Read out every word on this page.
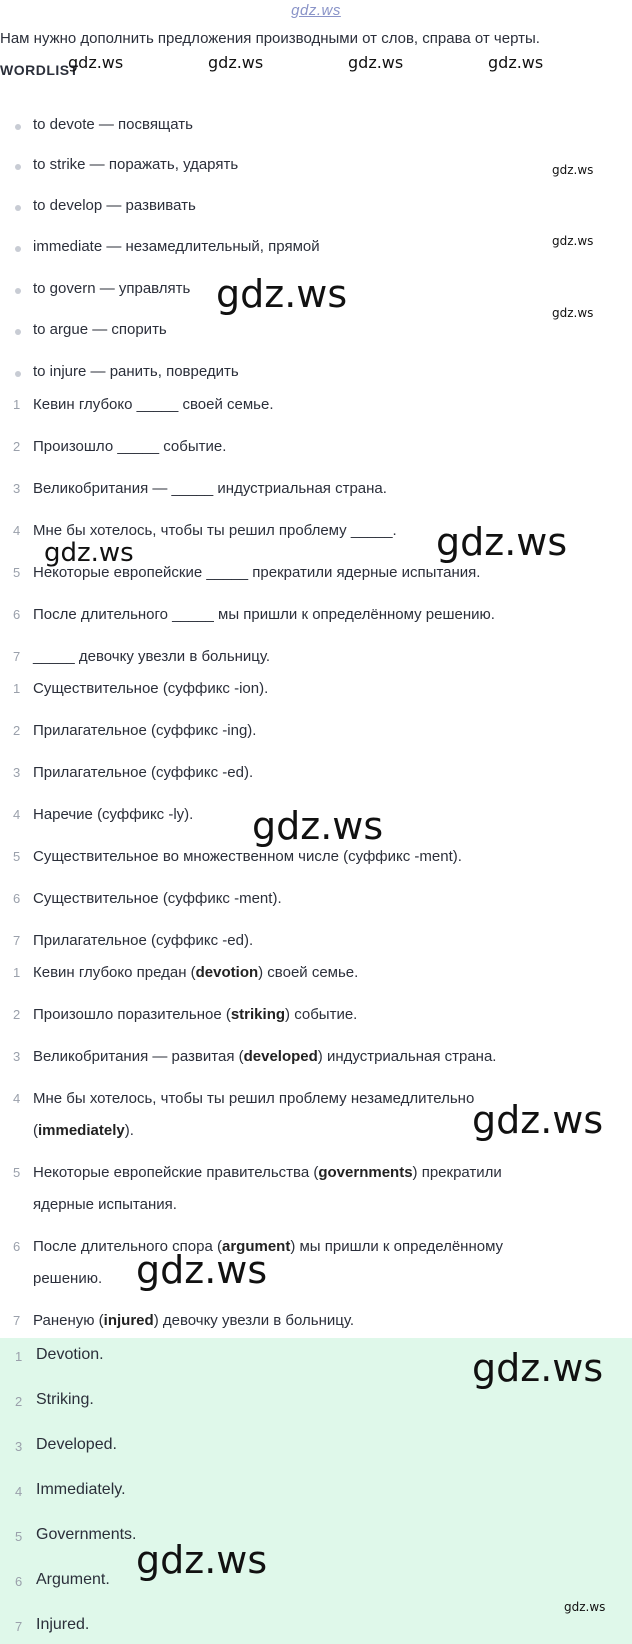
gdz.ws
Нам нужно дополнить предложения производными от слов, справа от черты.
WORDLIST
to devote — посвящать
to strike — поражать, ударять
to develop — развивать
immediate — незамедлительный, прямой
to govern — управлять
to argue — спорить
to injure — ранить, повредить
1 Кевин глубоко _____ своей семье.
2 Произошло _____ событие.
3 Великобритания — _____ индустриальная страна.
4 Мне бы хотелось, чтобы ты решил проблему _____.
5 Некоторые европейские _____ прекратили ядерные испытания.
6 После длительного _____ мы пришли к определённому решению.
7 _____ девочку увезли в больницу.
1 Существительное (суффикс -ion).
2 Прилагательное (суффикс -ing).
3 Прилагательное (суффикс -ed).
4 Наречие (суффикс -ly).
5 Существительное во множественном числе (суффикс -ment).
6 Существительное (суффикс -ment).
7 Прилагательное (суффикс -ed).
1 Кевин глубоко предан (devotion) своей семье.
2 Произошло поразительное (striking) событие.
3 Великобритания — развитая (developed) индустриальная страна.
4 Мне бы хотелось, чтобы ты решил проблему незамедлительно
(immediately).
5 Некоторые европейские правительства (governments) прекратили
ядерные испытания.
6 После длительного спора (argument) мы пришли к определённому
решению.
7 Раненую (injured) девочку увезли в больницу.
1 Devotion.
2 Striking.
3 Developed.
4 Immediately.
5 Governments.
6 Argument.
7 Injured.
gdz.ws	gdz.ws	gdz.ws	gdz.ws
gdz.ws
gdz.ws
gdz.ws
gdz.ws
gdz.ws
gdz.ws
gdz.ws
gdz.ws
gdz.ws
gdz.ws
gdz.ws
gdz.ws
